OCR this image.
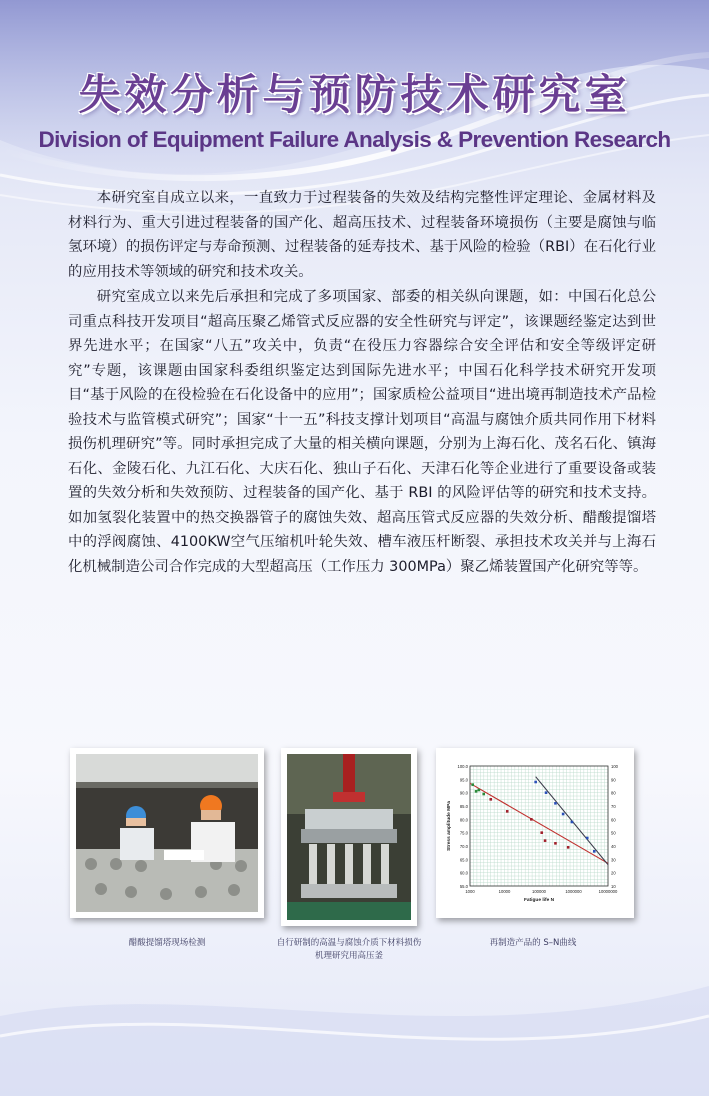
失效分析与预防技术研究室
Division of Equipment Failure Analysis & Prevention Research

本研究室自成立以来，一直致力于过程装备的失效及结构完整性评定理论、金属材料及材料行为、重大引进过程装备的国产化、超高压技术、过程装备环境损伤（主要是腐蚀与临氢环境）的损伤评定与寿命预测、过程装备的延寿技术、基于风险的检验（RBI）在石化行业的应用技术等领域的研究和技术攻关。

研究室成立以来先后承担和完成了多项国家、部委的相关纵向课题，如：中国石化总公司重点科技开发项目“超高压聚乙烯管式反应器的安全性研究与评定”，该课题经鉴定达到世界先进水平；在国家“八五”攻关中，负责“在役压力容器综合安全评估和安全等级评定研究”专题，该课题由国家科委组织鉴定达到国际先进水平；中国石化科学技术研究开发项目“基于风险的在役检验在石化设备中的应用”；国家质检公益项目“进出境再制造技术产品检验技术与监管模式研究”；国家“十一五”科技支撑计划项目“高温与腐蚀介质共同作用下材料损伤机理研究”等。同时承担完成了大量的相关横向课题，分别为上海石化、茂名石化、镇海石化、金陵石化、九江石化、大庆石化、独山子石化、天津石化等企业进行了重要设备或装置的失效分析和失效预防、过程装备的国产化、基于 RBI 的风险评估等的研究和技术支持。如加氢裂化装置中的热交换器管子的腐蚀失效、超高压管式反应器的失效分析、醋酸提馏塔中的浮阀腐蚀、4100KW空气压缩机叶轮失效、槽车液压杆断裂、承担技术攻关并与上海石化机械制造公司合作完成的大型超高压（工作压力 300MPa）聚乙烯装置国产化研究等等。

醋酸提馏塔现场检测	自行研制的高温与腐蚀介质下材料损伤机理研究用高压釜
100.0
95.0
90.0
85.0
80.0
75.0
70.0
65.0
60.0
55.0
100
90
80
70
60
50
40
30
20
10
1000	10000	100000	1000000	10000000
Fatigue life N
Stress amplitude MPa
再制造产品的 S–N曲线
